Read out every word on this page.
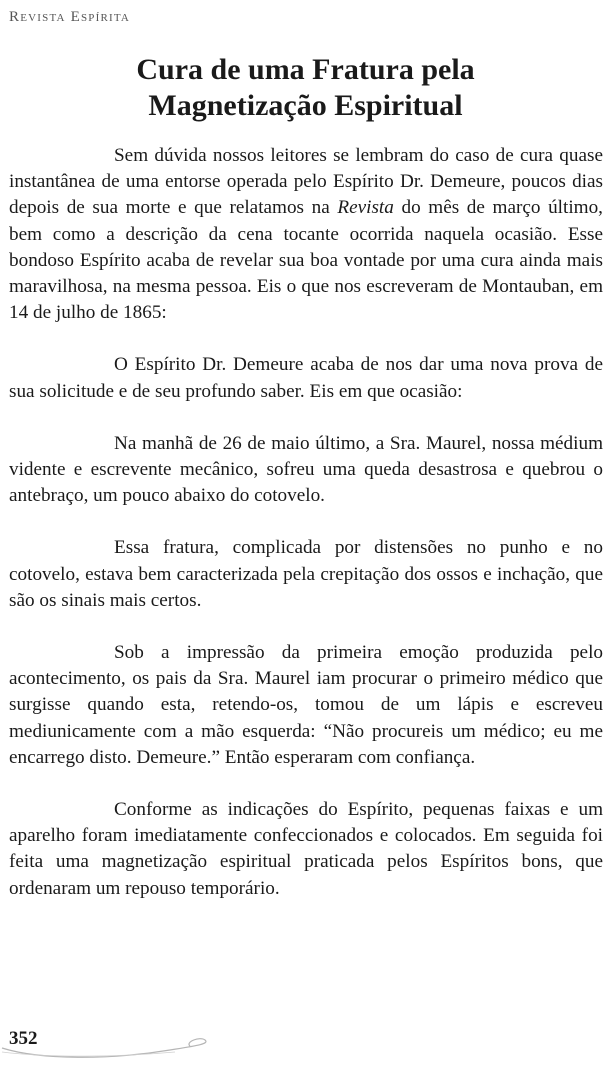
Revista Espírita
Cura de uma Fratura pela
Magnetização Espiritual

Sem dúvida nossos leitores se lembram do caso de cura quase instantânea de uma entorse operada pelo Espírito Dr. Demeure, poucos dias depois de sua morte e que relatamos na Revista do mês de março último, bem como a descrição da cena tocante ocorrida naquela ocasião. Esse bondoso Espírito acaba de revelar sua boa vontade por uma cura ainda mais maravilhosa, na mesma pessoa. Eis o que nos escreveram de Montauban, em 14 de julho de 1865:

O Espírito Dr. Demeure acaba de nos dar uma nova prova de sua solicitude e de seu profundo saber. Eis em que ocasião:

Na manhã de 26 de maio último, a Sra. Maurel, nossa médium vidente e escrevente mecânico, sofreu uma queda desastrosa e quebrou o antebraço, um pouco abaixo do cotovelo.

Essa fratura, complicada por distensões no punho e no cotovelo, estava bem caracterizada pela crepitação dos ossos e inchação, que são os sinais mais certos.

Sob a impressão da primeira emoção produzida pelo acontecimento, os pais da Sra. Maurel iam procurar o primeiro médico que surgisse quando esta, retendo-os, tomou de um lápis e escreveu mediunicamente com a mão esquerda: “Não procureis um médico; eu me encarrego disto. Demeure.” Então esperaram com confiança.

Conforme as indicações do Espírito, pequenas faixas e um aparelho foram imediatamente confeccionados e colocados. Em seguida foi feita uma magnetização espiritual praticada pelos Espíritos bons, que ordenaram um repouso temporário.

352
